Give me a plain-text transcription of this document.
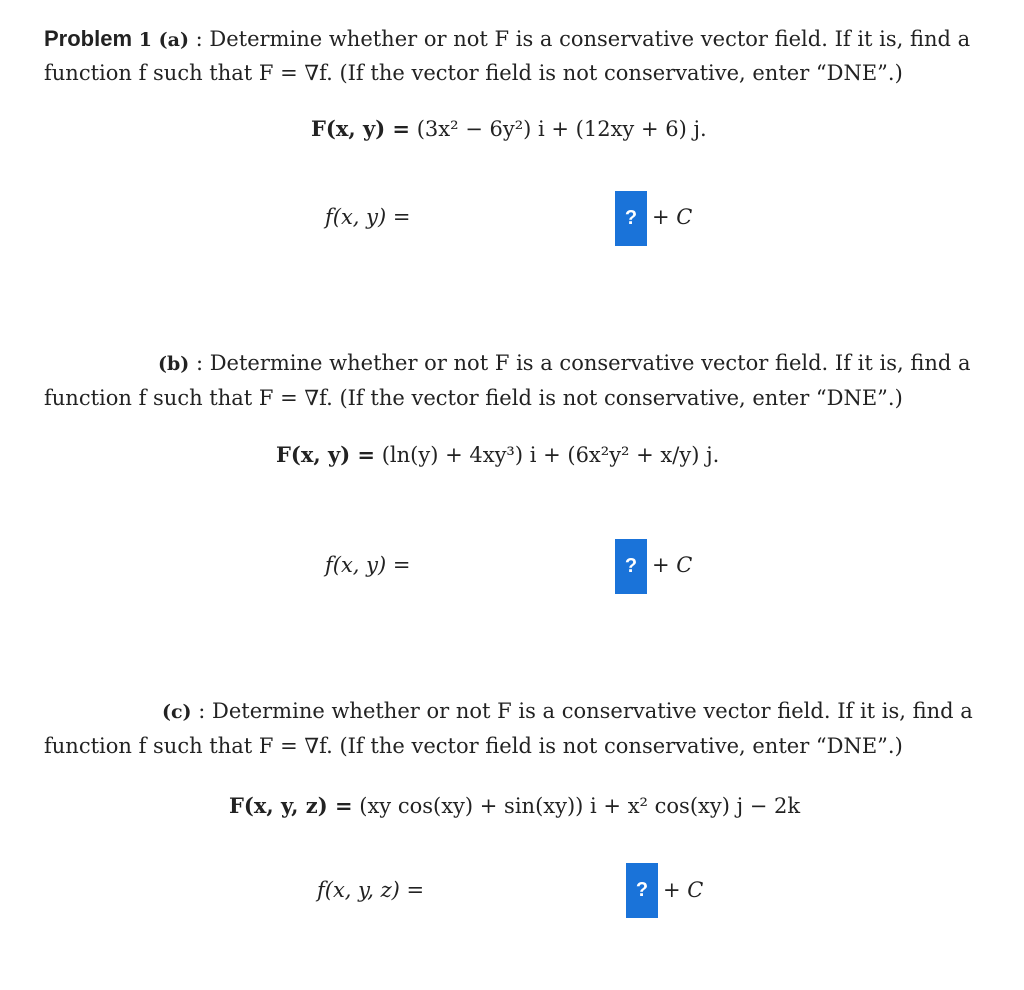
Problem 1 (a) : Determine whether or not F is a conservative vector field. If it is, find a
function f such that F = ∇f. (If the vector field is not conservative, enter “DNE”.)
F(x, y) = (3x² − 6y²) i + (12xy + 6) j.
f(x, y) =	? + C
(b) : Determine whether or not F is a conservative vector field. If it is, find a
function f such that F = ∇f. (If the vector field is not conservative, enter “DNE”.)
F(x, y) = (ln(y) + 4xy³) i + (6x²y² + x/y) j.
f(x, y) =	? + C
(c) : Determine whether or not F is a conservative vector field. If it is, find a
function f such that F = ∇f. (If the vector field is not conservative, enter “DNE”.)
F(x, y, z) = (xy cos(xy) + sin(xy)) i + x² cos(xy) j − 2k
f(x, y, z) =	? + C
